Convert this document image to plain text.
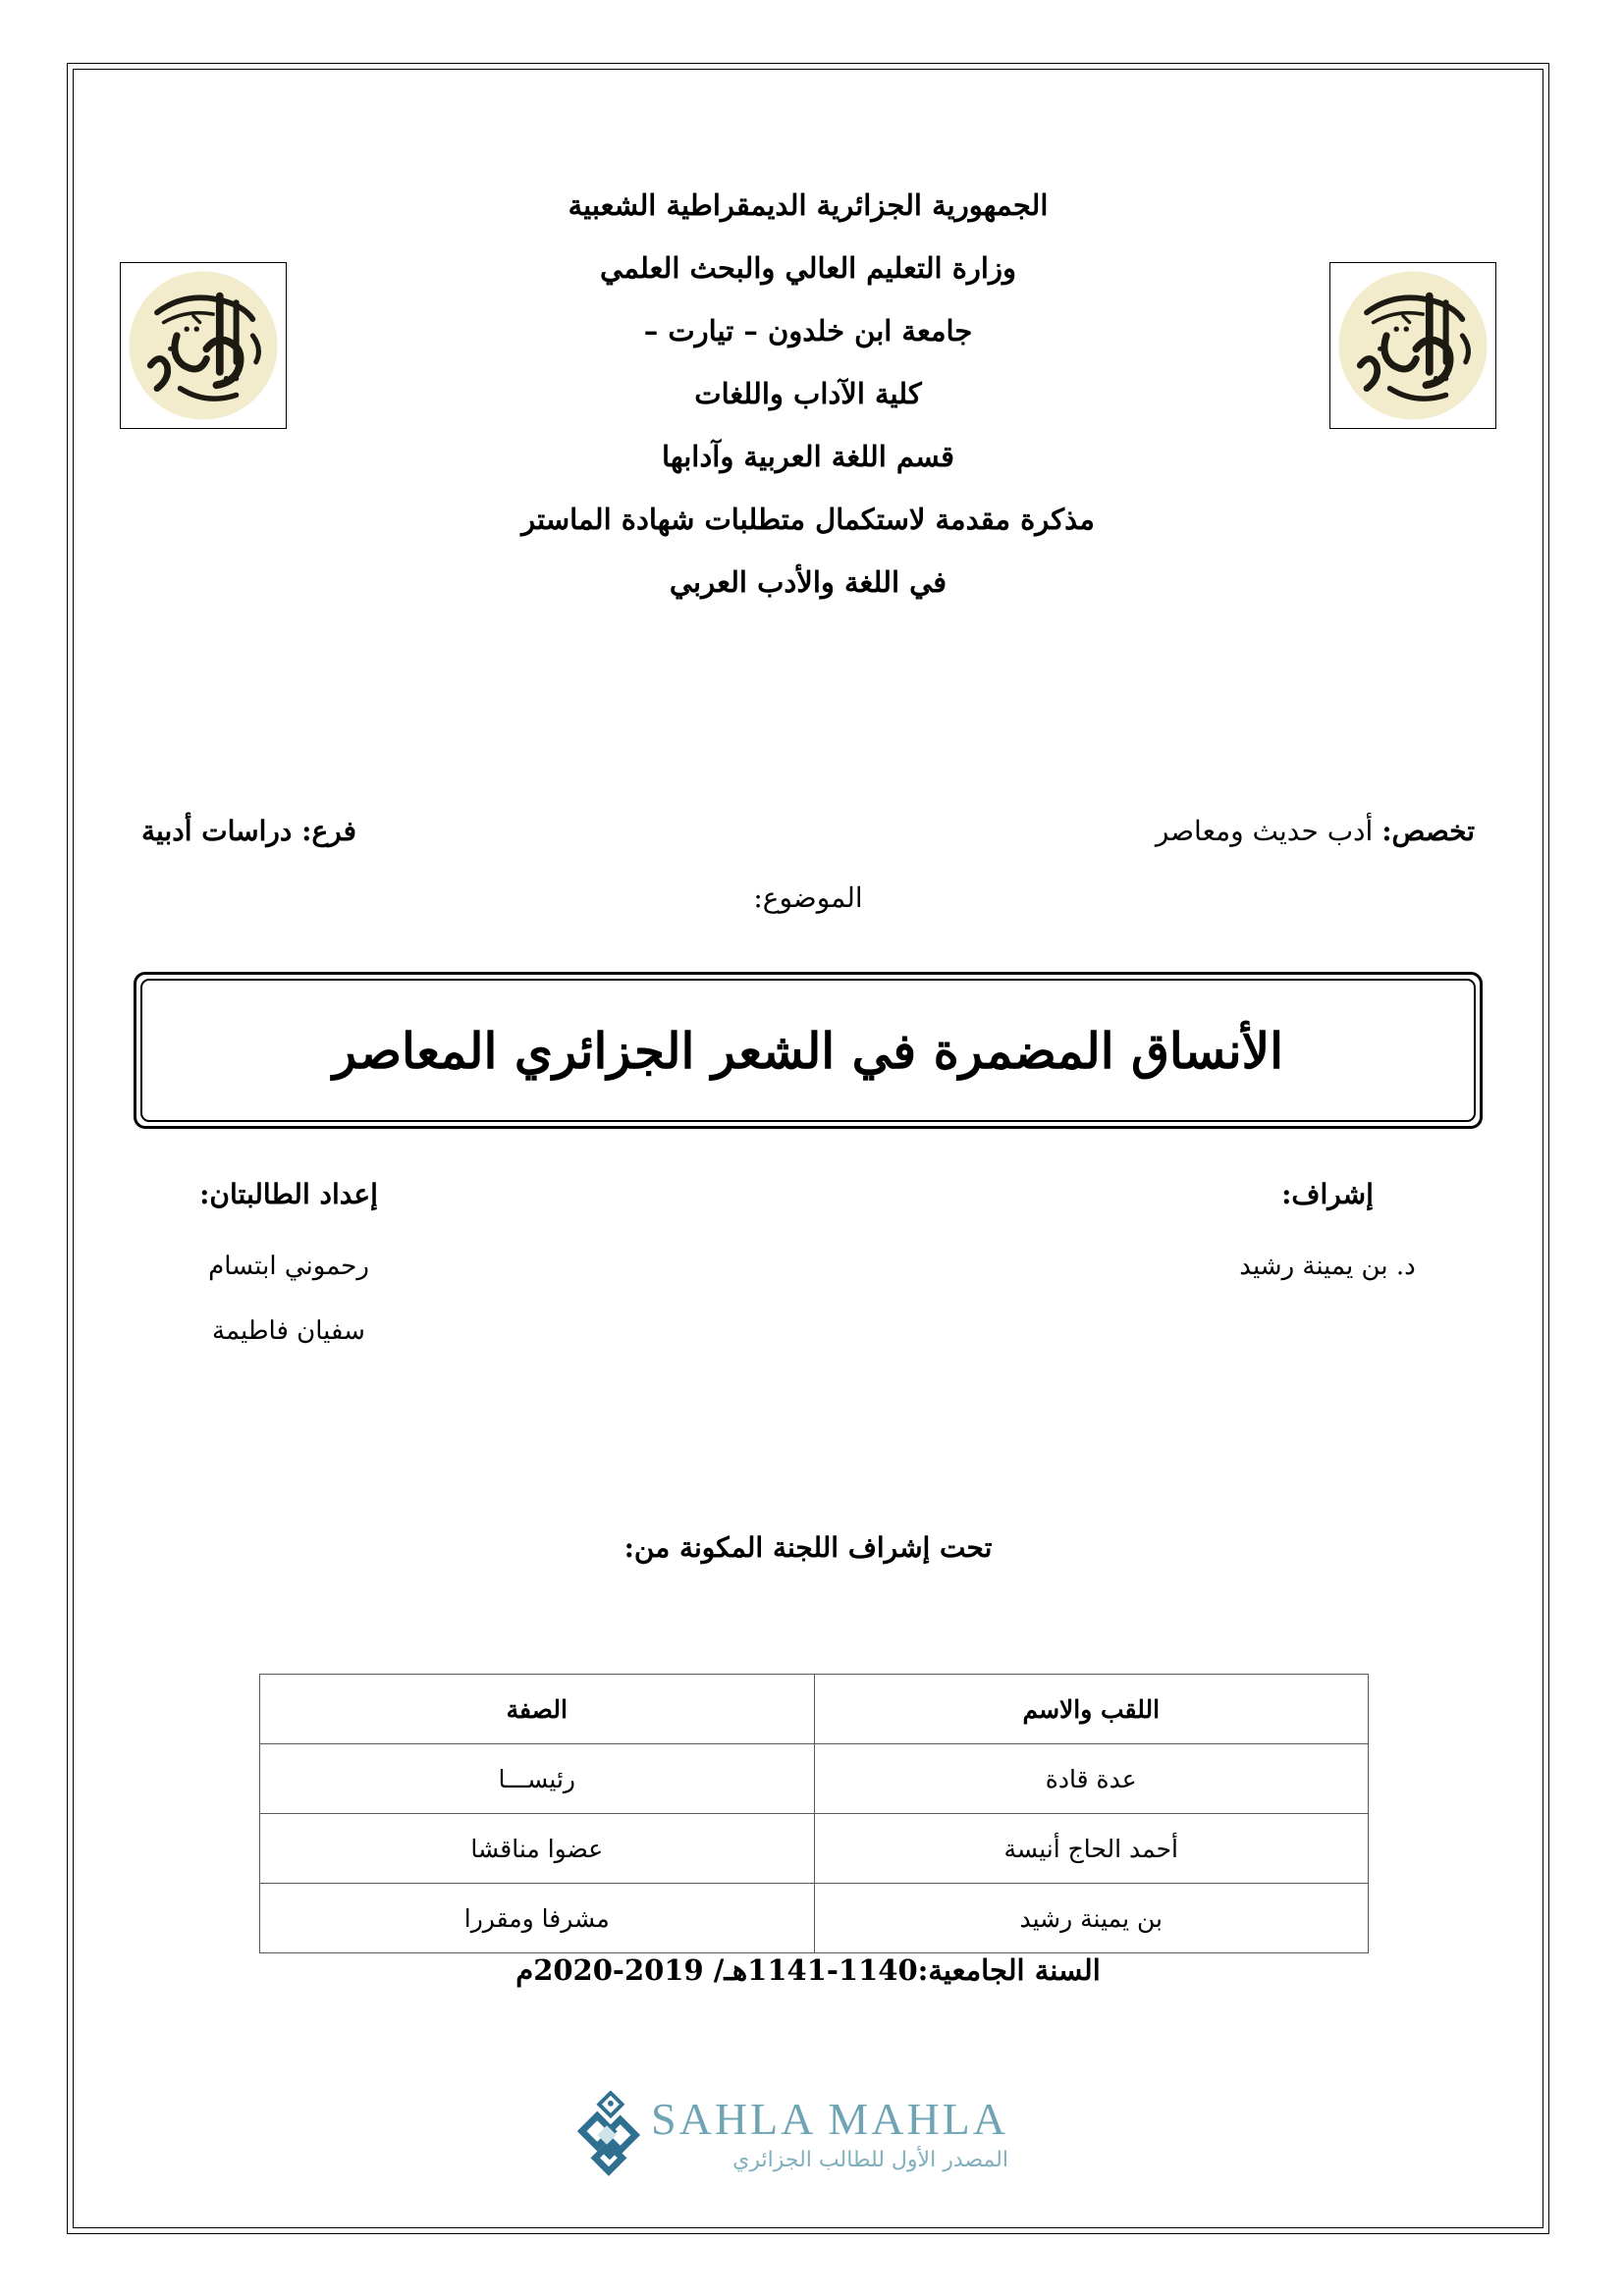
الجمهورية الجزائرية الديمقراطية الشعبية
وزارة التعليم العالي والبحث العلمي
جامعة ابن خلدون – تيارت –
كلية الآداب واللغات
قسم اللغة العربية وآدابها
مذكرة مقدمة لاستكمال متطلبات شهادة الماستر
في اللغة والأدب العربي
فرع: دراسات أدبية	تخصص: أدب حديث ومعاصر
الموضوع:
الأنساق المضمرة في الشعر الجزائري المعاصر
إعداد الطالبتان:
رحموني ابتسام
سفيان فاطيمة
إشراف:
د. بن يمينة رشيد
تحت إشراف اللجنة المكونة من:
اللقب والاسم	الصفة
عدة قادة	رئيســـا
أحمد الحاج أنيسة	عضوا مناقشا
بن يمينة رشيد	مشرفا ومقررا
السنة الجامعية:1140-1141هـ/ 2019-2020م
SAHLA MAHLA
المصدر الأول للطالب الجزائري
